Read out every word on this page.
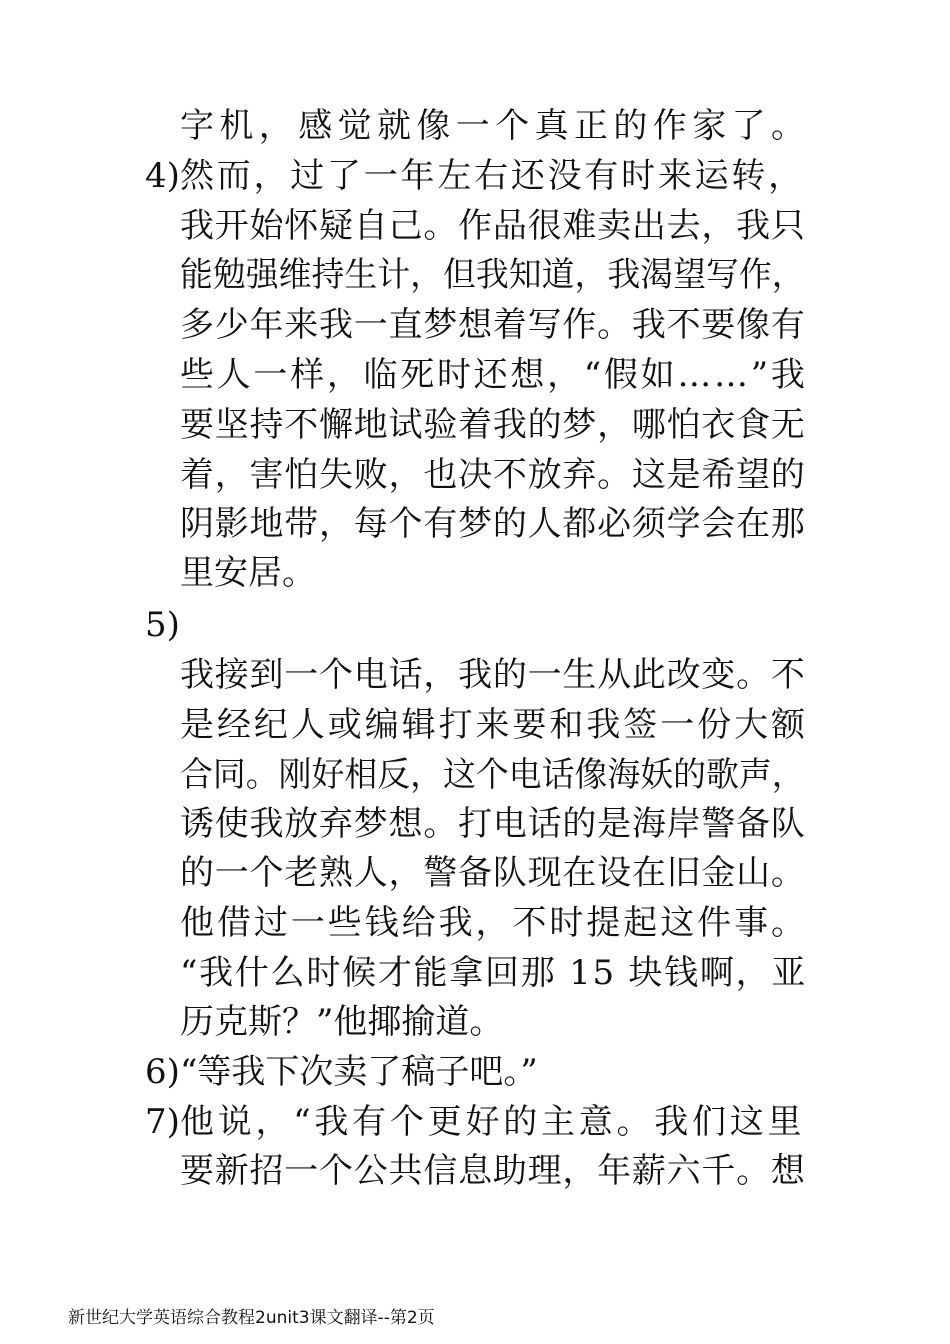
字机，感觉就像一个真正的作家了。
4) 然而，过了一年左右还没有时来运转，
我开始怀疑自己。作品很难卖出去，我只
能勉强维持生计，但我知道，我渴望写作，
多少年来我一直梦想着写作。我不要像有
些人一样，临死时还想，“假如……”我
要坚持不懈地试验着我的梦，哪怕衣食无
着，害怕失败，也决不放弃。这是希望的
阴影地带，每个有梦的人都必须学会在那
里安居。
5)
我接到一个电话，我的一生从此改变。不
是经纪人或编辑打来要和我签一份大额
合同。刚好相反，这个电话像海妖的歌声，
诱使我放弃梦想。打电话的是海岸警备队
的一个老熟人，警备队现在设在旧金山。
他借过一些钱给我，不时提起这件事。
“我什么时候才能拿回那 15 块钱啊，亚
历克斯？”他揶揄道。
6) “等我下次卖了稿子吧。”
7) 他说，“我有个更好的主意。我们这里
要新招一个公共信息助理，年薪六千。想
新世纪大学英语综合教程2unit3课文翻译--第2页
